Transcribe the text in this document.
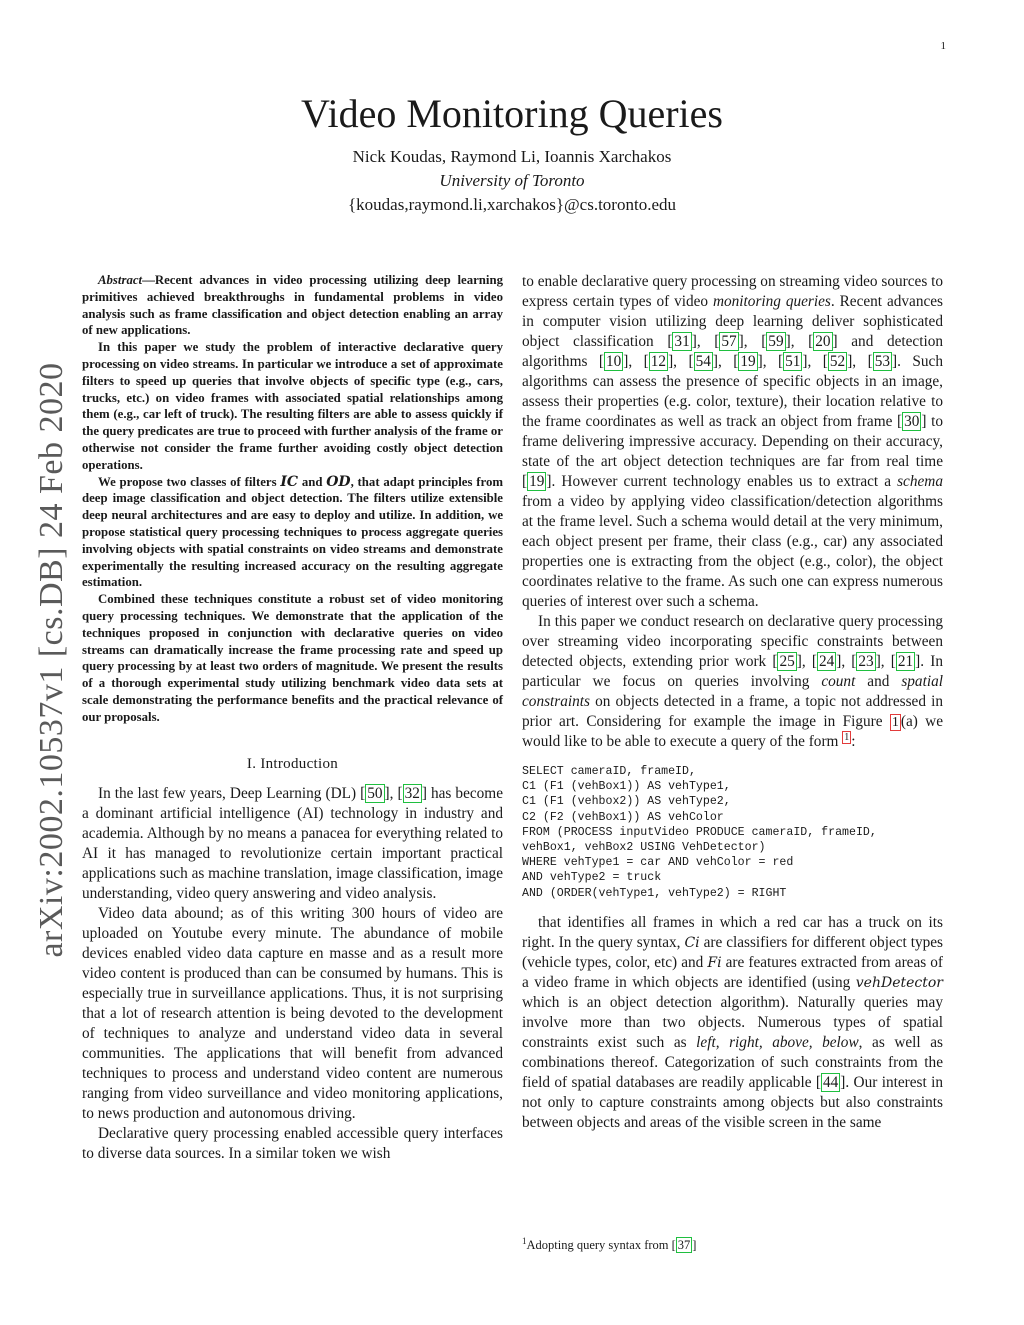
1
arXiv:2002.10537v1 [cs.DB] 24 Feb 2020
Video Monitoring Queries
Nick Koudas, Raymond Li, Ioannis Xarchakos
University of Toronto
{koudas,raymond.li,xarchakos}@cs.toronto.edu

Abstract—Recent advances in video processing utilizing deep learning primitives achieved breakthroughs in fundamental problems in video analysis such as frame classification and object detection enabling an array of new applications.

In this paper we study the problem of interactive declarative query processing on video streams. In particular we introduce a set of approximate filters to speed up queries that involve objects of specific type (e.g., cars, trucks, etc.) on video frames with associated spatial relationships among them (e.g., car left of truck). The resulting filters are able to assess quickly if the query predicates are true to proceed with further analysis of the frame or otherwise not consider the frame further avoiding costly object detection operations.

We propose two classes of filters IC and OD, that adapt principles from deep image classification and object detection. The filters utilize extensible deep neural architectures and are easy to deploy and utilize. In addition, we propose statistical query processing techniques to process aggregate queries involving objects with spatial constraints on video streams and demonstrate experimentally the resulting increased accuracy on the resulting aggregate estimation.

Combined these techniques constitute a robust set of video monitoring query processing techniques. We demonstrate that the application of the techniques proposed in conjunction with declarative queries on video streams can dramatically increase the frame processing rate and speed up query processing by at least two orders of magnitude. We present the results of a thorough experimental study utilizing benchmark video data sets at scale demonstrating the performance benefits and the practical relevance of our proposals.

I. Introduction

In the last few years, Deep Learning (DL) [ 50 ], [ 32 ] has become a dominant artificial intelligence (AI) technology in industry and academia. Although by no means a panacea for everything related to AI it has managed to revolutionize certain important practical applications such as machine translation, image classification, image understanding, video query answering and video analysis.

Video data abound; as of this writing 300 hours of video are uploaded on Youtube every minute. The abundance of mobile devices enabled video data capture en masse and as a result more video content is produced than can be consumed by humans. This is especially true in surveillance applications. Thus, it is not surprising that a lot of research attention is being devoted to the development of techniques to analyze and understand video data in several communities. The applications that will benefit from advanced techniques to process and understand video content are numerous ranging from video surveillance and video monitoring applications, to news production and autonomous driving.

Declarative query processing enabled accessible query interfaces to diverse data sources. In a similar token we wish

to enable declarative query processing on streaming video sources to express certain types of video monitoring queries. Recent advances in computer vision utilizing deep learning deliver sophisticated object classification [ 31 ], [ 57 ], [ 59 ], [ 20 ] and detection algorithms [ 10 ], [ 12 ], [ 54 ], [ 19 ], [ 51 ], [ 52 ], [ 53 ]. Such algorithms can assess the presence of specific objects in an image, assess their properties (e.g. color, texture), their location relative to the frame coordinates as well as track an object from frame [ 30 ] to frame delivering impressive accuracy. Depending on their accuracy, state of the art object detection techniques are far from real time [ 19 ]. However current technology enables us to extract a schema from a video by applying video classification/detection algorithms at the frame level. Such a schema would detail at the very minimum, each object present per frame, their class (e.g., car) any associated properties one is extracting from the object (e.g., color), the object coordinates relative to the frame. As such one can express numerous queries of interest over such a schema.

In this paper we conduct research on declarative query processing over streaming video incorporating specific constraints between detected objects, extending prior work [ 25 ], [ 24 ], [ 23 ], [ 21 ]. In particular we focus on queries involving count and spatial constraints on objects detected in a frame, a topic not addressed in prior art. Considering for example the image in Figure 1 (a) we would like to be able to execute a query of the form $^1$ :

SELECT cameraID, frameID,
C1 (F1 (vehBox1)) AS vehType1,
C1 (F1 (vehbox2)) AS vehType2,
C2 (F2 (vehBox1)) AS vehColor
FROM (PROCESS inputVideo PRODUCE cameraID, frameID,
vehBox1, vehBox2 USING VehDetector)
WHERE vehType1 = car AND vehColor = red
AND vehType2 = truck
AND (ORDER(vehType1, vehType2) = RIGHT

that identifies all frames in which a red car has a truck on its right. In the query syntax, Ci are classifiers for different object types (vehicle types, color, etc) and Fi are features extracted from areas of a video frame in which objects are identified (using vehDetector which is an object detection algorithm). Naturally queries may involve more than two objects. Numerous types of spatial constraints exist such as left, right, above, below, as well as combinations thereof. Categorization of such constraints from the field of spatial databases are readily applicable [ 44 ]. Our interest in not only to capture constraints among objects but also constraints between objects and areas of the visible screen in the same

$^1$Adopting query syntax from [ 37 ]
